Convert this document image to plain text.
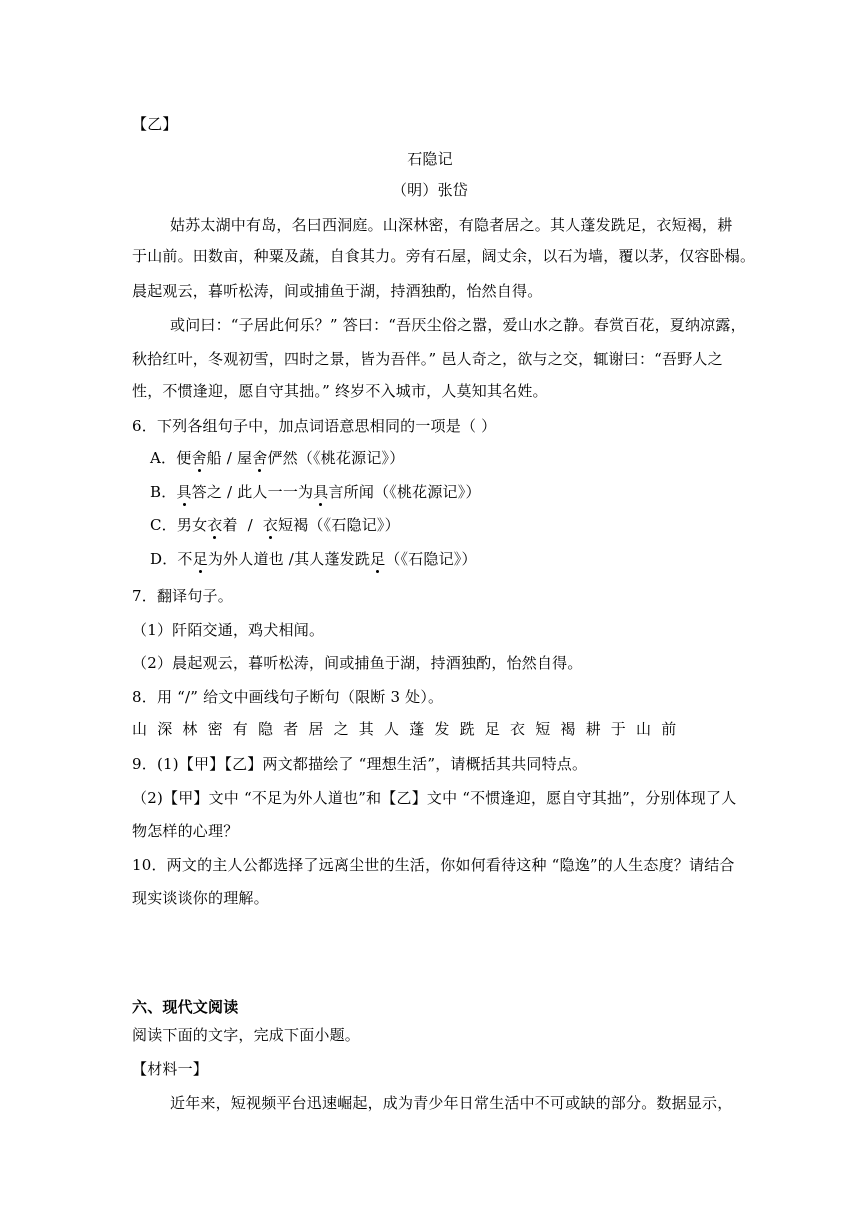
【乙】
石隐记
（明）张岱
姑苏太湖中有岛，名曰西洞庭。山深林密，有隐者居之。其人蓬发跣足，衣短褐，耕
于山前。田数亩，种粟及蔬，自食其力。旁有石屋，阔丈余，以石为墙，覆以茅，仅容卧榻。
晨起观云，暮听松涛，间或捕鱼于湖，持酒独酌，怡然自得。
或问曰：“子居此何乐？” 答曰：“吾厌尘俗之嚣，爱山水之静。春赏百花，夏纳凉露，
秋拾红叶，冬观初雪，四时之景，皆为吾伴。” 邑人奇之，欲与之交，辄谢曰：“吾野人之
性，不惯逢迎，愿自守其拙。” 终岁不入城市，人莫知其名姓。
6．下列各组句子中，加点词语意思相同的一项是（ ）
A．便舍船 / 屋舍俨然（《桃花源记》）
B．具答之 / 此人一一为具言所闻（《桃花源记》）
C．男女衣着  /  衣短褐（《石隐记》）
D．不足为外人道也 /其人蓬发跣足（《石隐记》）
7．翻译句子。
（1）阡陌交通，鸡犬相闻。
（2）晨起观云，暮听松涛，间或捕鱼于湖，持酒独酌，怡然自得。
8．用 “/” 给文中画线句子断句（限断 3 处）。
山深林密有隐者居之其人蓬发跣足衣短褐耕于山前
9．(1)【甲】【乙】两文都描绘了 “理想生活”，请概括其共同特点。
（2)【甲】文中 “不足为外人道也”和【乙】文中 “不惯逢迎，愿自守其拙”，分别体现了人
物怎样的心理？
10．两文的主人公都选择了远离尘世的生活，你如何看待这种 “隐逸”的人生态度？请结合
现实谈谈你的理解。
六、现代文阅读
阅读下面的文字，完成下面小题。
【材料一】
近年来，短视频平台迅速崛起，成为青少年日常生活中不可或缺的部分。数据显示，
